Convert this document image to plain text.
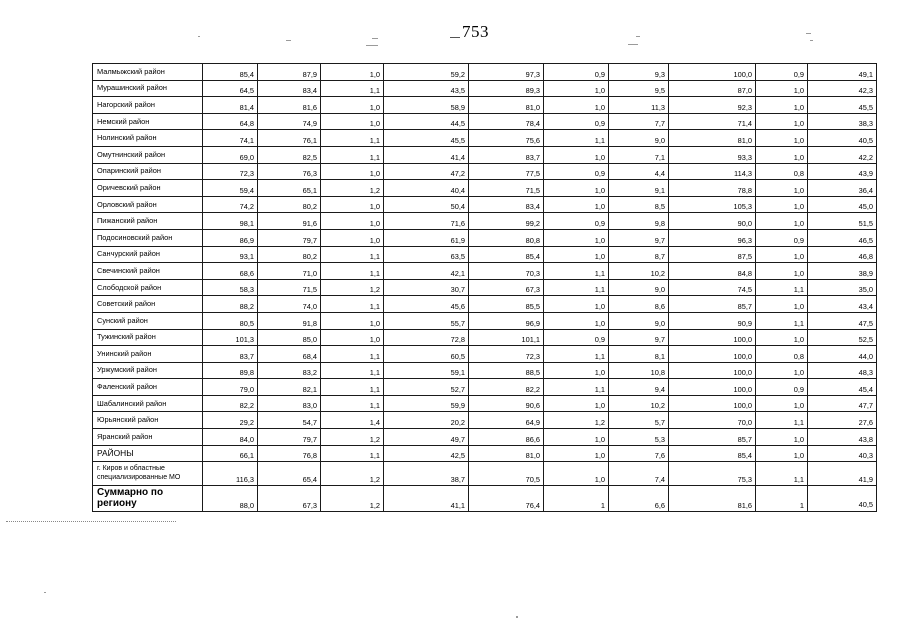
753
Малмыжский район	85,4	87,9	1,0	59,2	97,3	0,9	9,3	100,0	0,9	49,1
Мурашинский район	64,5	83,4	1,1	43,5	89,3	1,0	9,5	87,0	1,0	42,3
Нагорский район	81,4	81,6	1,0	58,9	81,0	1,0	11,3	92,3	1,0	45,5
Немский район	64,8	74,9	1,0	44,5	78,4	0,9	7,7	71,4	1,0	38,3
Нолинский район	74,1	76,1	1,1	45,5	75,6	1,1	9,0	81,0	1,0	40,5
Омутнинский район	69,0	82,5	1,1	41,4	83,7	1,0	7,1	93,3	1,0	42,2
Опаринский район	72,3	76,3	1,0	47,2	77,5	0,9	4,4	114,3	0,8	43,9
Оричевский район	59,4	65,1	1,2	40,4	71,5	1,0	9,1	78,8	1,0	36,4
Орловский район	74,2	80,2	1,0	50,4	83,4	1,0	8,5	105,3	1,0	45,0
Пижанский район	98,1	91,6	1,0	71,6	99,2	0,9	9,8	90,0	1,0	51,5
Подосиновский район	86,9	79,7	1,0	61,9	80,8	1,0	9,7	96,3	0,9	46,5
Санчурский район	93,1	80,2	1,1	63,5	85,4	1,0	8,7	87,5	1,0	46,8
Свечинский район	68,6	71,0	1,1	42,1	70,3	1,1	10,2	84,8	1,0	38,9
Слободской район	58,3	71,5	1,2	30,7	67,3	1,1	9,0	74,5	1,1	35,0
Советский район	88,2	74,0	1,1	45,6	85,5	1,0	8,6	85,7	1,0	43,4
Сунский район	80,5	91,8	1,0	55,7	96,9	1,0	9,0	90,9	1,1	47,5
Тужинский район	101,3	85,0	1,0	72,8	101,1	0,9	9,7	100,0	1,0	52,5
Унинский район	83,7	68,4	1,1	60,5	72,3	1,1	8,1	100,0	0,8	44,0
Уржумский район	89,8	83,2	1,1	59,1	88,5	1,0	10,8	100,0	1,0	48,3
Фаленский район	79,0	82,1	1,1	52,7	82,2	1,1	9,4	100,0	0,9	45,4
Шабалинский район	82,2	83,0	1,1	59,9	90,6	1,0	10,2	100,0	1,0	47,7
Юрьянский район	29,2	54,7	1,4	20,2	64,9	1,2	5,7	70,0	1,1	27,6
Яранский район	84,0	79,7	1,2	49,7	86,6	1,0	5,3	85,7	1,0	43,8
РАЙОНЫ	66,1	76,8	1,1	42,5	81,0	1,0	7,6	85,4	1,0	40,3
г. Киров и областные специализированные МО	116,3	65,4	1,2	38,7	70,5	1,0	7,4	75,3	1,1	41,9
Суммарно по региону	88,0	67,3	1,2	41,1	76,4	1	6,6	81,6	1	40,5
